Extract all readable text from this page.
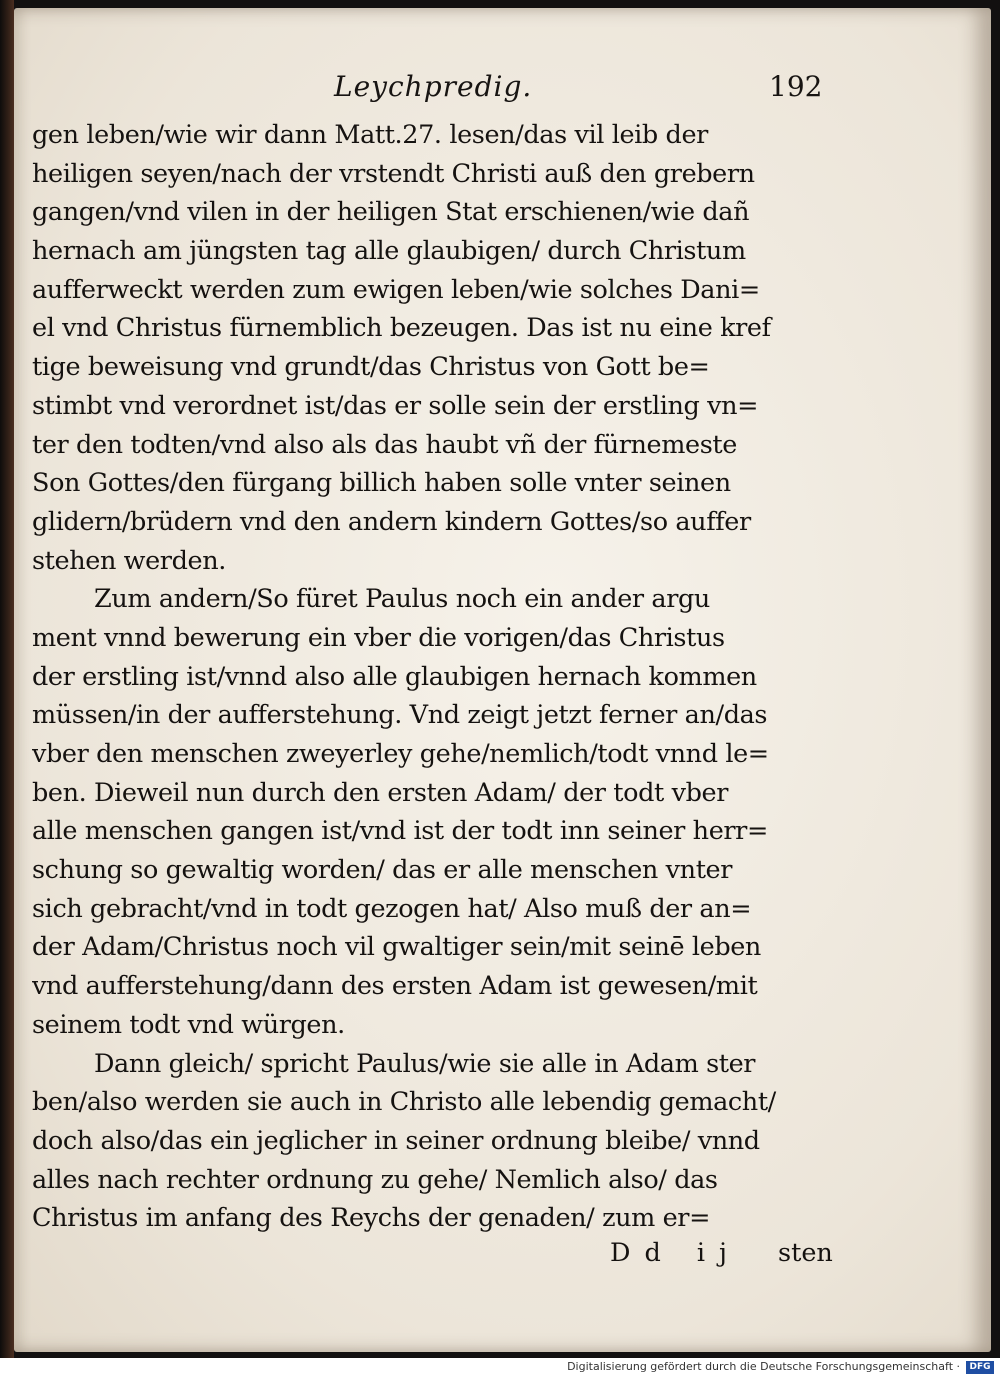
Leychpredig.	192
gen leben/wie wir dann Matt.27. lesen/das vil leib der
heiligen seyen/nach der vrstendt Christi auß den grebern
gangen/vnd vilen in der heiligen Stat erschienen/wie dañ
hernach am jüngsten tag alle glaubigen/ durch Christum
aufferweckt werden zum ewigen leben/wie solches Dani=
el vnd Christus fürnemblich bezeugen. Das ist nu eine kref
tige beweisung vnd grundt/das Christus von Gott be=
stimbt vnd verordnet ist/das er solle sein der erstling vn=
ter den todten/vnd also als das haubt vñ der fürnemeste
Son Gottes/den fürgang billich haben solle vnter seinen
glidern/brüdern vnd den andern kindern Gottes/so auffer
stehen werden.
Zum andern/So füret Paulus noch ein ander argu
ment vnnd bewerung ein vber die vorigen/das Christus
der erstling ist/vnnd also alle glaubigen hernach kommen
müssen/in der aufferstehung. Vnd zeigt jetzt ferner an/das
vber den menschen zweyerley gehe/nemlich/todt vnnd le=
ben. Dieweil nun durch den ersten Adam/ der todt vber
alle menschen gangen ist/vnd ist der todt inn seiner herr=
schung so gewaltig worden/ das er alle menschen vnter
sich gebracht/vnd in todt gezogen hat/ Also muß der an=
der Adam/Christus noch vil gwaltiger sein/mit seinē leben
vnd aufferstehung/dann des ersten Adam ist gewesen/mit
seinem todt vnd würgen.
Dann gleich/ spricht Paulus/wie sie alle in Adam ster
ben/also werden sie auch in Christo alle lebendig gemacht/
doch also/das ein jeglicher in seiner ordnung bleibe/ vnnd
alles nach rechter ordnung zu gehe/ Nemlich also/ das
Christus im anfang des Reychs der genaden/ zum er=
Dd ij sten
Digitalisierung gefördert durch die Deutsche Forschungsgemeinschaft ·	DFG
